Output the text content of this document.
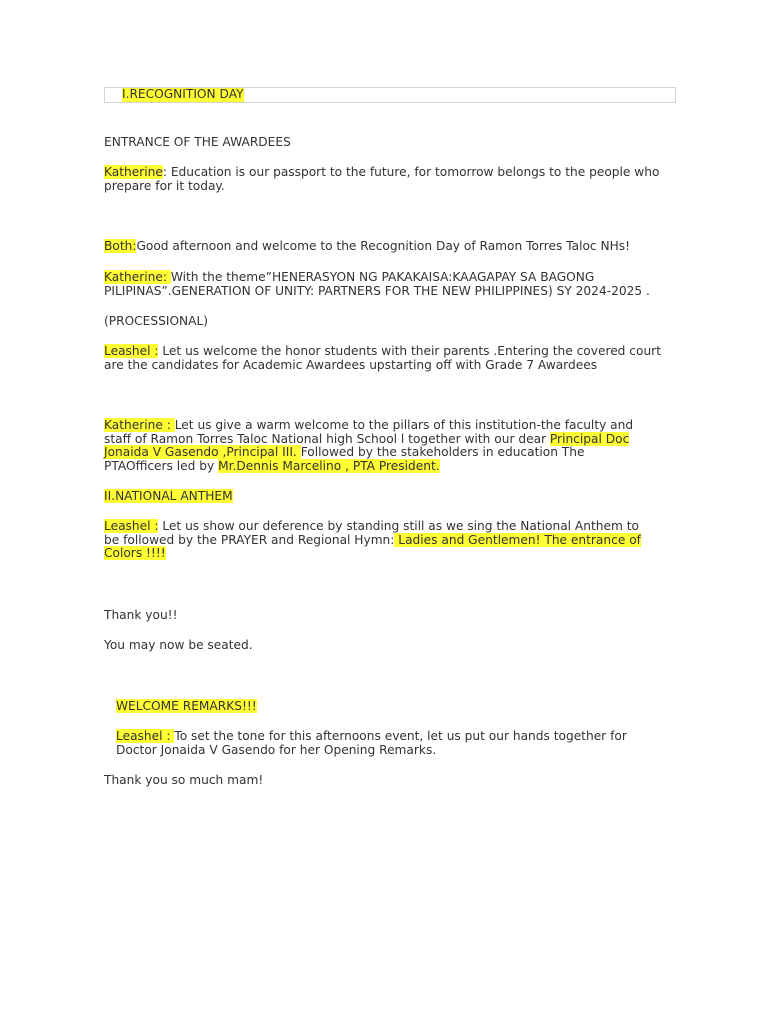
I.RECOGNITION DAY

ENTRANCE OF THE AWARDEES

Katherine: Education is our passport to the future, for tomorrow belongs to the people who prepare for it today.

Both:Good afternoon and welcome to the Recognition Day of Ramon Torres Taloc NHs!

Katherine: With the theme”HENERASYON NG PAKAKAISA:KAAGAPAY SA BAGONG PILIPINAS”.GENERATION OF UNITY: PARTNERS FOR THE NEW PHILIPPINES) SY 2024-2025 .

(PROCESSIONAL)

Leashel : Let us welcome the honor students with their parents .Entering the covered court are the candidates for Academic Awardees upstarting off with Grade 7 Awardees

Katherine : Let us give a warm welcome to the pillars of this institution-the faculty and staff of Ramon Torres Taloc National high School l together with our dear Principal Doc Jonaida V Gasendo ,Principal III. Followed by the stakeholders in education The PTAOfficers led by Mr.Dennis Marcelino , PTA President.

II.NATIONAL ANTHEM

Leashel : Let us show our deference by standing still as we sing the National Anthem to be followed by the PRAYER and Regional Hymn: Ladies and Gentlemen! The entrance of Colors !!!!

Thank you!!

You may now be seated.

WELCOME REMARKS!!!

Leashel : To set the tone for this afternoons event, let us put our hands together for Doctor Jonaida V Gasendo for her Opening Remarks.

Thank you so much mam!
